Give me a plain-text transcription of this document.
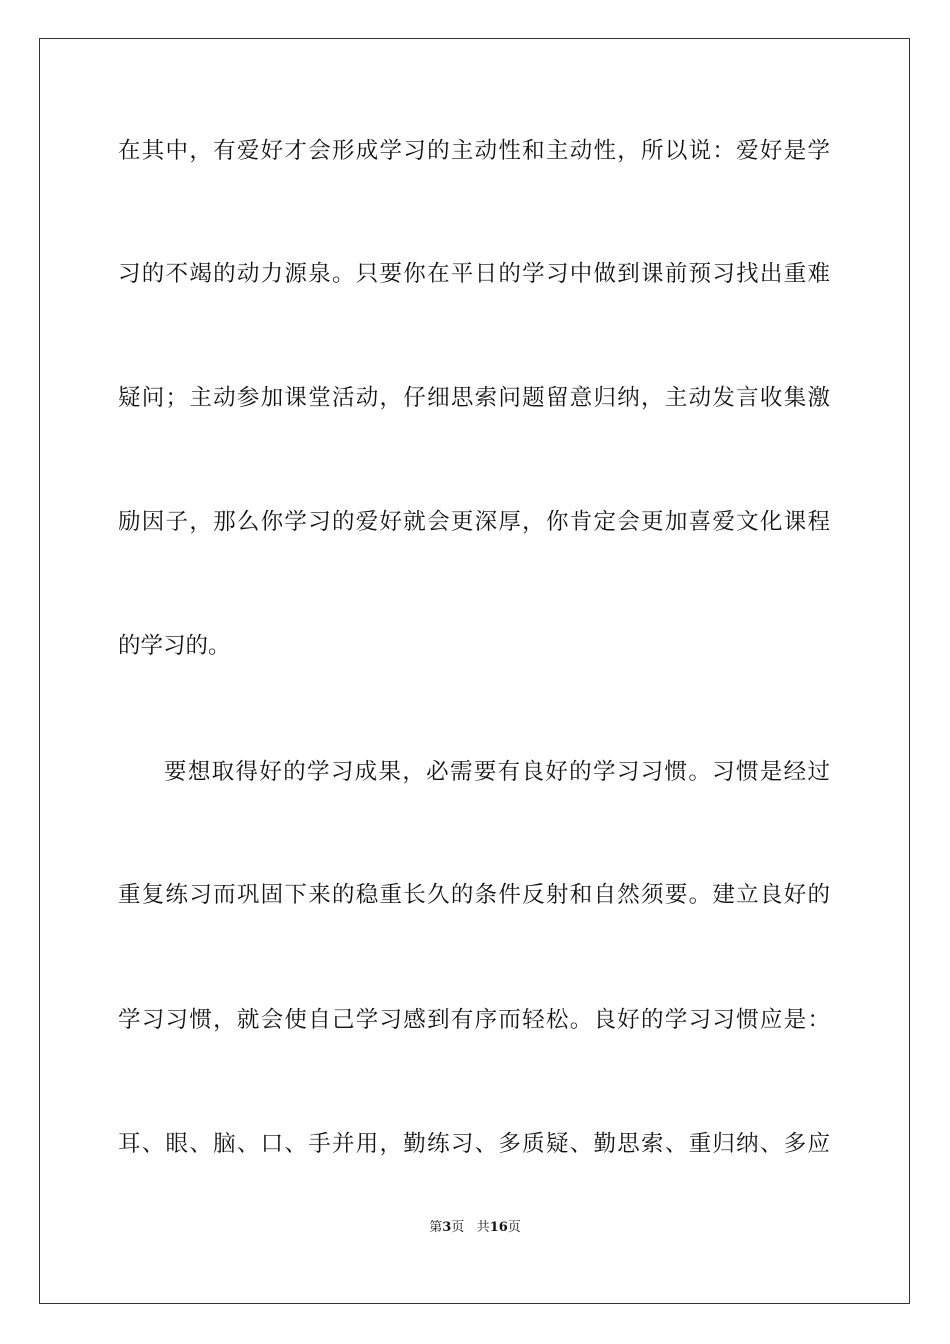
在其中，有爱好才会形成学习的主动性和主动性，所以说：爱好是学
习的不竭的动力源泉。只要你在平日的学习中做到课前预习找出重难
疑问；主动参加课堂活动，仔细思索问题留意归纳，主动发言收集激
励因子，那么你学习的爱好就会更深厚，你肯定会更加喜爱文化课程
的学习的。
要想取得好的学习成果，必需要有良好的学习习惯。习惯是经过
重复练习而巩固下来的稳重长久的条件反射和自然须要。建立良好的
学习习惯，就会使自己学习感到有序而轻松。良好的学习习惯应是：
耳、眼、脑、口、手并用，勤练习、多质疑、勤思索、重归纳、多应
第3页 共16页
